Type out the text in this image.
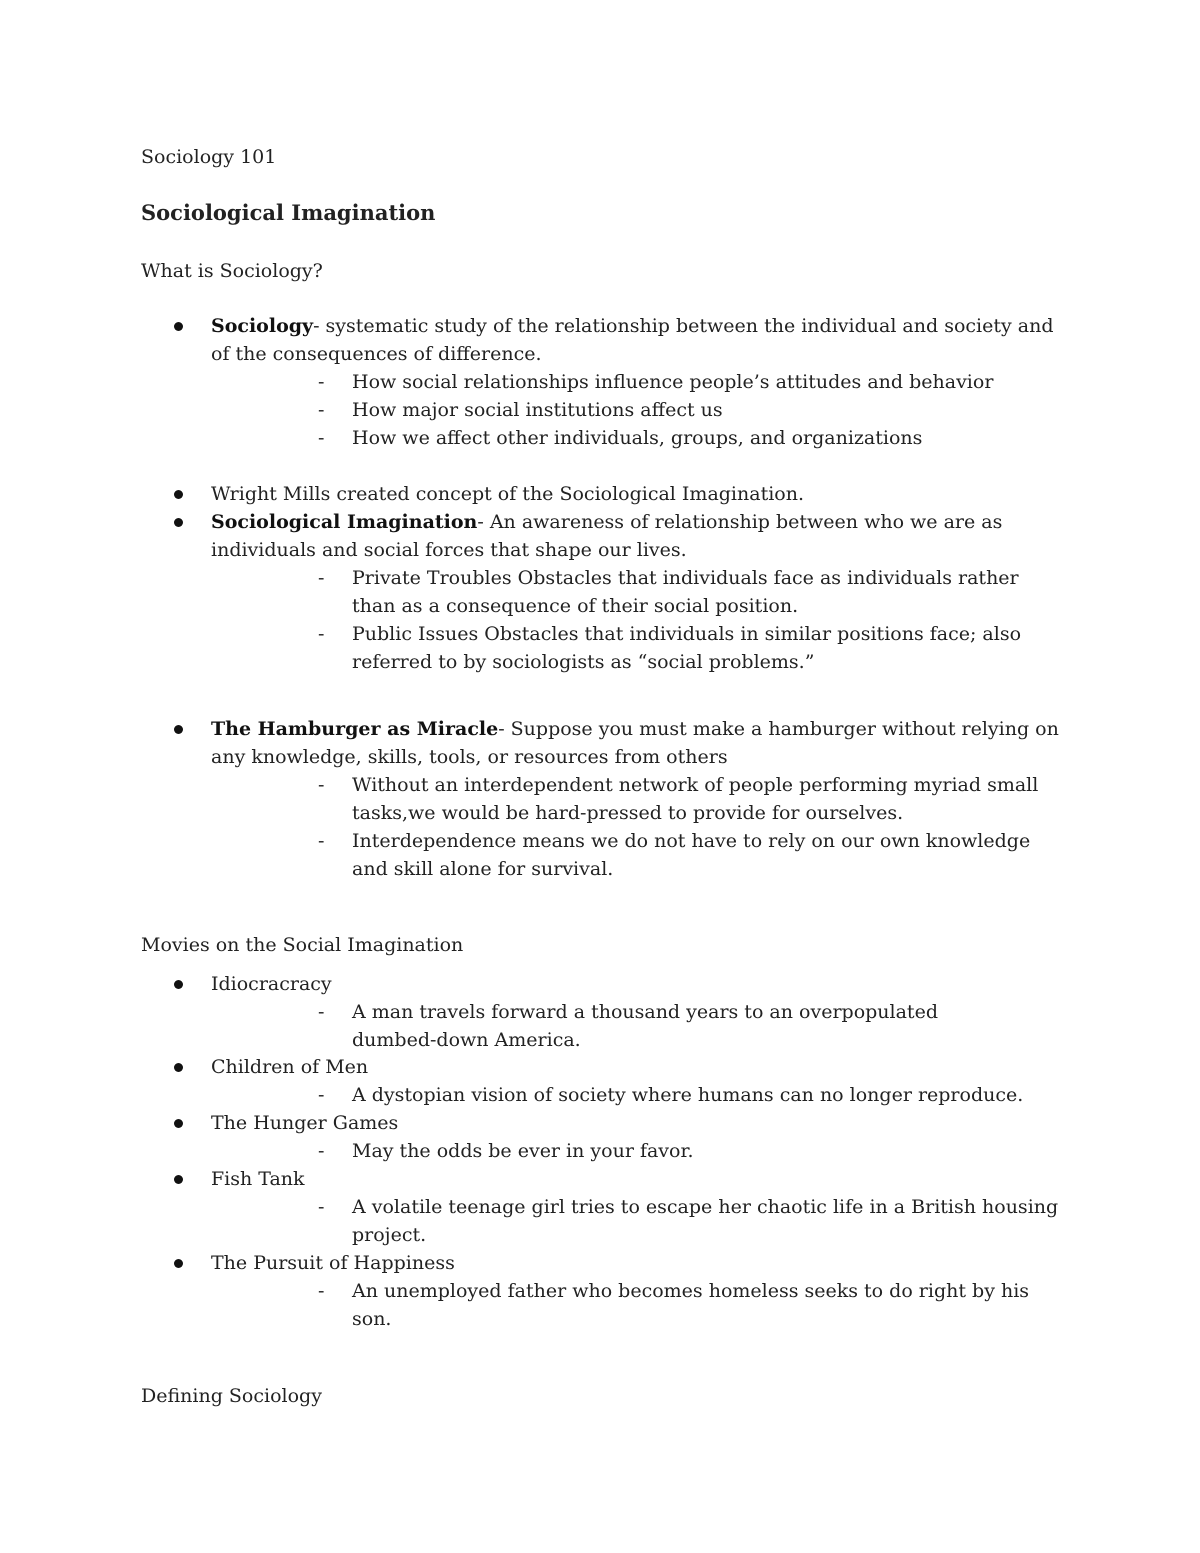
Sociology 101
Sociological Imagination
What is Sociology?
Sociology- systematic study of the relationship between the individual and society and of the consequences of difference.
- How social relationships influence people’s attitudes and behavior
- How major social institutions affect us
- How we affect other individuals, groups, and organizations
Wright Mills created concept of the Sociological Imagination.
Sociological Imagination- An awareness of relationship between who we are as individuals and social forces that shape our lives.
- Private Troubles Obstacles that individuals face as individuals rather than as a consequence of their social position.
- Public Issues Obstacles that individuals in similar positions face; also referred to by sociologists as “social problems.”
The Hamburger as Miracle- Suppose you must make a hamburger without relying on any knowledge, skills, tools, or resources from others
- Without an interdependent network of people performing myriad small tasks,we would be hard-pressed to provide for ourselves.
- Interdependence means we do not have to rely on our own knowledge and skill alone for survival.
Movies on the Social Imagination
Idiocracracy
- A man travels forward a thousand years to an overpopulated dumbed-down America.
Children of Men
- A dystopian vision of society where humans can no longer reproduce.
The Hunger Games
- May the odds be ever in your favor.
Fish Tank
- A volatile teenage girl tries to escape her chaotic life in a British housing project.
The Pursuit of Happiness
- An unemployed father who becomes homeless seeks to do right by his son.
Defining Sociology
